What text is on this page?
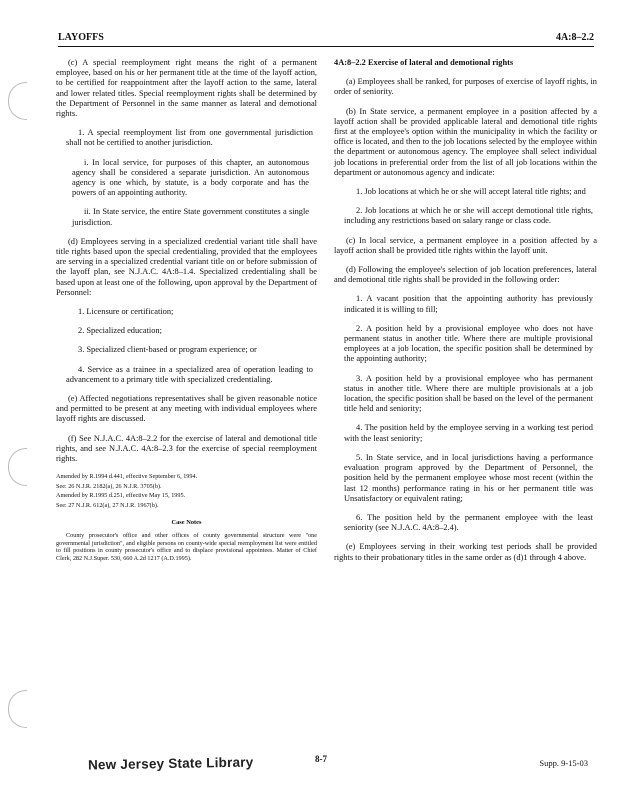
LAYOFFS	4A:8–2.2

(c) A special reemployment right means the right of a permanent employee, based on his or her permanent title at the time of the layoff action, to be certified for reappointment after the layoff action to the same, lateral and lower related titles. Special reemployment rights shall be determined by the Department of Personnel in the same manner as lateral and demotional rights.

1. A special reemployment list from one governmental jurisdiction shall not be certified to another jurisdiction.

i. In local service, for purposes of this chapter, an autonomous agency shall be considered a separate jurisdiction. An autonomous agency is one which, by statute, is a body corporate and has the powers of an appointing authority.

ii. In State service, the entire State government constitutes a single jurisdiction.

(d) Employees serving in a specialized credential variant title shall have title rights based upon the special credentialing, provided that the employees are serving in a specialized credential variant title on or before submission of the layoff plan, see N.J.A.C. 4A:8–1.4. Specialized credentialing shall be based upon at least one of the following, upon approval by the Department of Personnel:

1. Licensure or certification;

2. Specialized education;

3. Specialized client-based or program experience; or

4. Service as a trainee in a specialized area of operation leading to advancement to a primary title with specialized credentialing.

(e) Affected negotiations representatives shall be given reasonable notice and permitted to be present at any meeting with individual employees where layoff rights are discussed.

(f) See N.J.A.C. 4A:8–2.2 for the exercise of lateral and demotional title rights, and see N.J.A.C. 4A:8–2.3 for the exercise of special reemployment rights.

Amended by R.1994 d.441, effective September 6, 1994.

See: 26 N.J.R. 2182(a), 26 N.J.R. 3705(b).

Amended by R.1995 d.251, effective May 15, 1995.

See: 27 N.J.R. 612(a), 27 N.J.R. 1967(b).

Case Notes

County prosecutor's office and other offices of county governmental structure were "one governmental jurisdiction", and eligible persons on county-wide special reemployment list were entitled to fill positions in county prosecutor's office and to displace provisional appointees. Matter of Chief Clerk, 282 N.J.Super. 530, 660 A.2d 1217 (A.D.1995).

4A:8–2.2 Exercise of lateral and demotional rights

(a) Employees shall be ranked, for purposes of exercise of layoff rights, in order of seniority.

(b) In State service, a permanent employee in a position affected by a layoff action shall be provided applicable lateral and demotional title rights first at the employee's option within the municipality in which the facility or office is located, and then to the job locations selected by the employee within the department or autonomous agency. The employee shall select individual job locations in preferential order from the list of all job locations within the department or autonomous agency and indicate:

1. Job locations at which he or she will accept lateral title rights; and

2. Job locations at which he or she will accept demotional title rights, including any restrictions based on salary range or class code.

(c) In local service, a permanent employee in a position affected by a layoff action shall be provided title rights within the layoff unit.

(d) Following the employee's selection of job location preferences, lateral and demotional title rights shall be provided in the following order:

1. A vacant position that the appointing authority has previously indicated it is willing to fill;

2. A position held by a provisional employee who does not have permanent status in another title. Where there are multiple provisional employees at a job location, the specific position shall be determined by the appointing authority;

3. A position held by a provisional employee who has permanent status in another title. Where there are multiple provisionals at a job location, the specific position shall be based on the level of the permanent title held and seniority;

4. The position held by the employee serving in a working test period with the least seniority;

5. In State service, and in local jurisdictions having a performance evaluation program approved by the Department of Personnel, the position held by the permanent employee whose most recent (within the last 12 months) performance rating in his or her permanent title was Unsatisfactory or equivalent rating;

6. The position held by the permanent employee with the least seniority (see N.J.A.C. 4A:8–2.4).

(e) Employees serving in their working test periods shall be provided rights to their probationary titles in the same order as (d)1 through 4 above.

New Jersey State Library	8-7	Supp. 9-15-03
